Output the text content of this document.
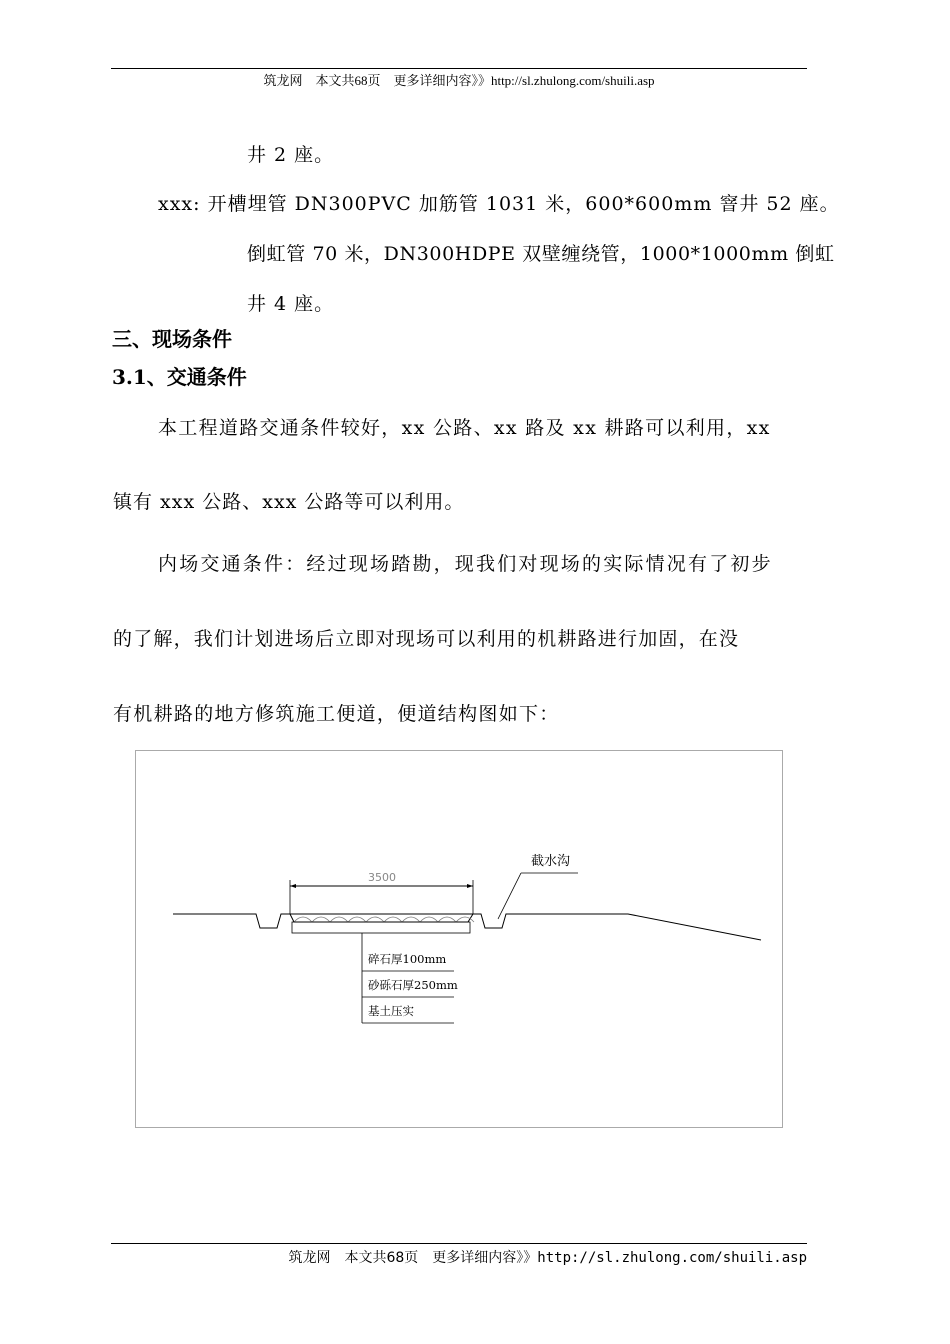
筑龙网　本文共68页　更多详细内容》》http://sl.zhulong.com/shuili.asp
井 2 座。
xxx: 开槽埋管 DN300PVC 加筋管 1031 米，600*600mm 窨井 52 座。
倒虹管 70 米，DN300HDPE 双壁缠绕管，1000*1000mm 倒虹
井 4 座。
三、现场条件
3.1、交通条件
本工程道路交通条件较好，xx 公路、xx 路及 xx 耕路可以利用，xx
镇有 xxx 公路、xxx 公路等可以利用。
内场交通条件：经过现场踏勘，现我们对现场的实际情况有了初步
的了解，我们计划进场后立即对现场可以利用的机耕路进行加固，在没
有机耕路的地方修筑施工便道，便道结构图如下：
3500
截水沟
碎石厚100mm
砂砾石厚250mm
基土压实
筑龙网　本文共68页　更多详细内容》》http://sl.zhulong.com/shuili.asp
